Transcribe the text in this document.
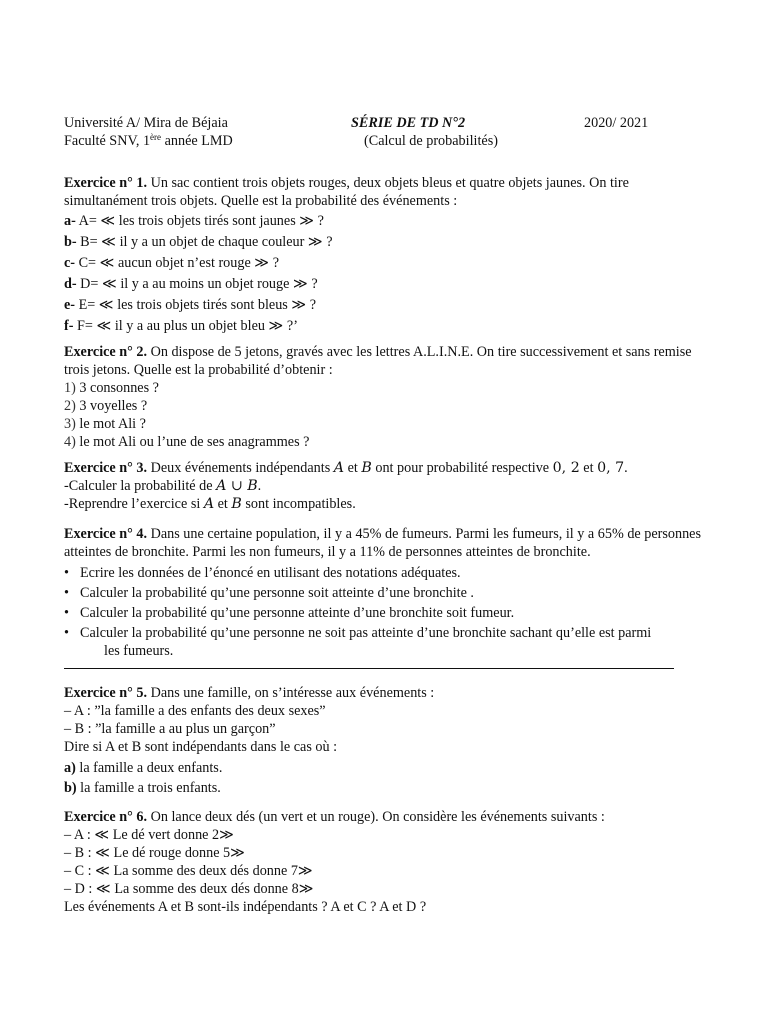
Université A/ Mira de Béjaia	SÉRIE DE TD N°2	2020/ 2021
Faculté SNV, 1ère année LMD	(Calcul de probabilités)

Exercice n° 1. Un sac contient trois objets rouges, deux objets bleus et quatre objets jaunes. On tire simultanément trois objets. Quelle est la probabilité des événements :

a- A= ≪ les trois objets tirés sont jaunes ≫ ?
b- B= ≪ il y a un objet de chaque couleur ≫ ?
c- C= ≪ aucun objet n’est rouge ≫ ?
d- D= ≪ il y a au moins un objet rouge ≫ ?
e- E= ≪ les trois objets tirés sont bleus ≫ ?
f- F= ≪ il y a au plus un objet bleu ≫ ?’

Exercice n° 2. On dispose de 5 jetons, gravés avec les lettres A.L.I.N.E. On tire successivement et sans remise trois jetons. Quelle est la probabilité d’obtenir :

1) 3 consonnes ?
2) 3 voyelles ?
3) le mot Ali ?
4) le mot Ali ou l’une de ses anagrammes ?

Exercice n° 3. Deux événements indépendants A et B ont pour probabilité respective 0, 2 et 0, 7.

-Calculer la probabilité de A ∪ B.

-Reprendre l’exercice si A et B sont incompatibles.

Exercice n° 4. Dans une certaine population, il y a 45% de fumeurs. Parmi les fumeurs, il y a 65% de personnes atteintes de bronchite. Parmi les non fumeurs, il y a 11% de personnes atteintes de bronchite.

• Ecrire les données de l’énoncé en utilisant des notations adéquates.
• Calculer la probabilité qu’une personne soit atteinte d’une bronchite .
• Calculer la probabilité qu’une personne atteinte d’une bronchite soit fumeur.
• Calculer la probabilité qu’une personne ne soit pas atteinte d’une bronchite sachant qu’elle est parmi
les fumeurs.

Exercice n° 5. Dans une famille, on s’intéresse aux événements :

– A : ”la famille a des enfants des deux sexes”

– B : ”la famille a au plus un garçon”

Dire si A et B sont indépendants dans le cas où :

a) la famille a deux enfants.
b) la famille a trois enfants.

Exercice n° 6. On lance deux dés (un vert et un rouge). On considère les événements suivants :

– A : ≪ Le dé vert donne 2≫

– B : ≪ Le dé rouge donne 5≫

– C : ≪ La somme des deux dés donne 7≫

– D : ≪ La somme des deux dés donne 8≫

Les événements A et B sont-ils indépendants ? A et C ? A et D ?
